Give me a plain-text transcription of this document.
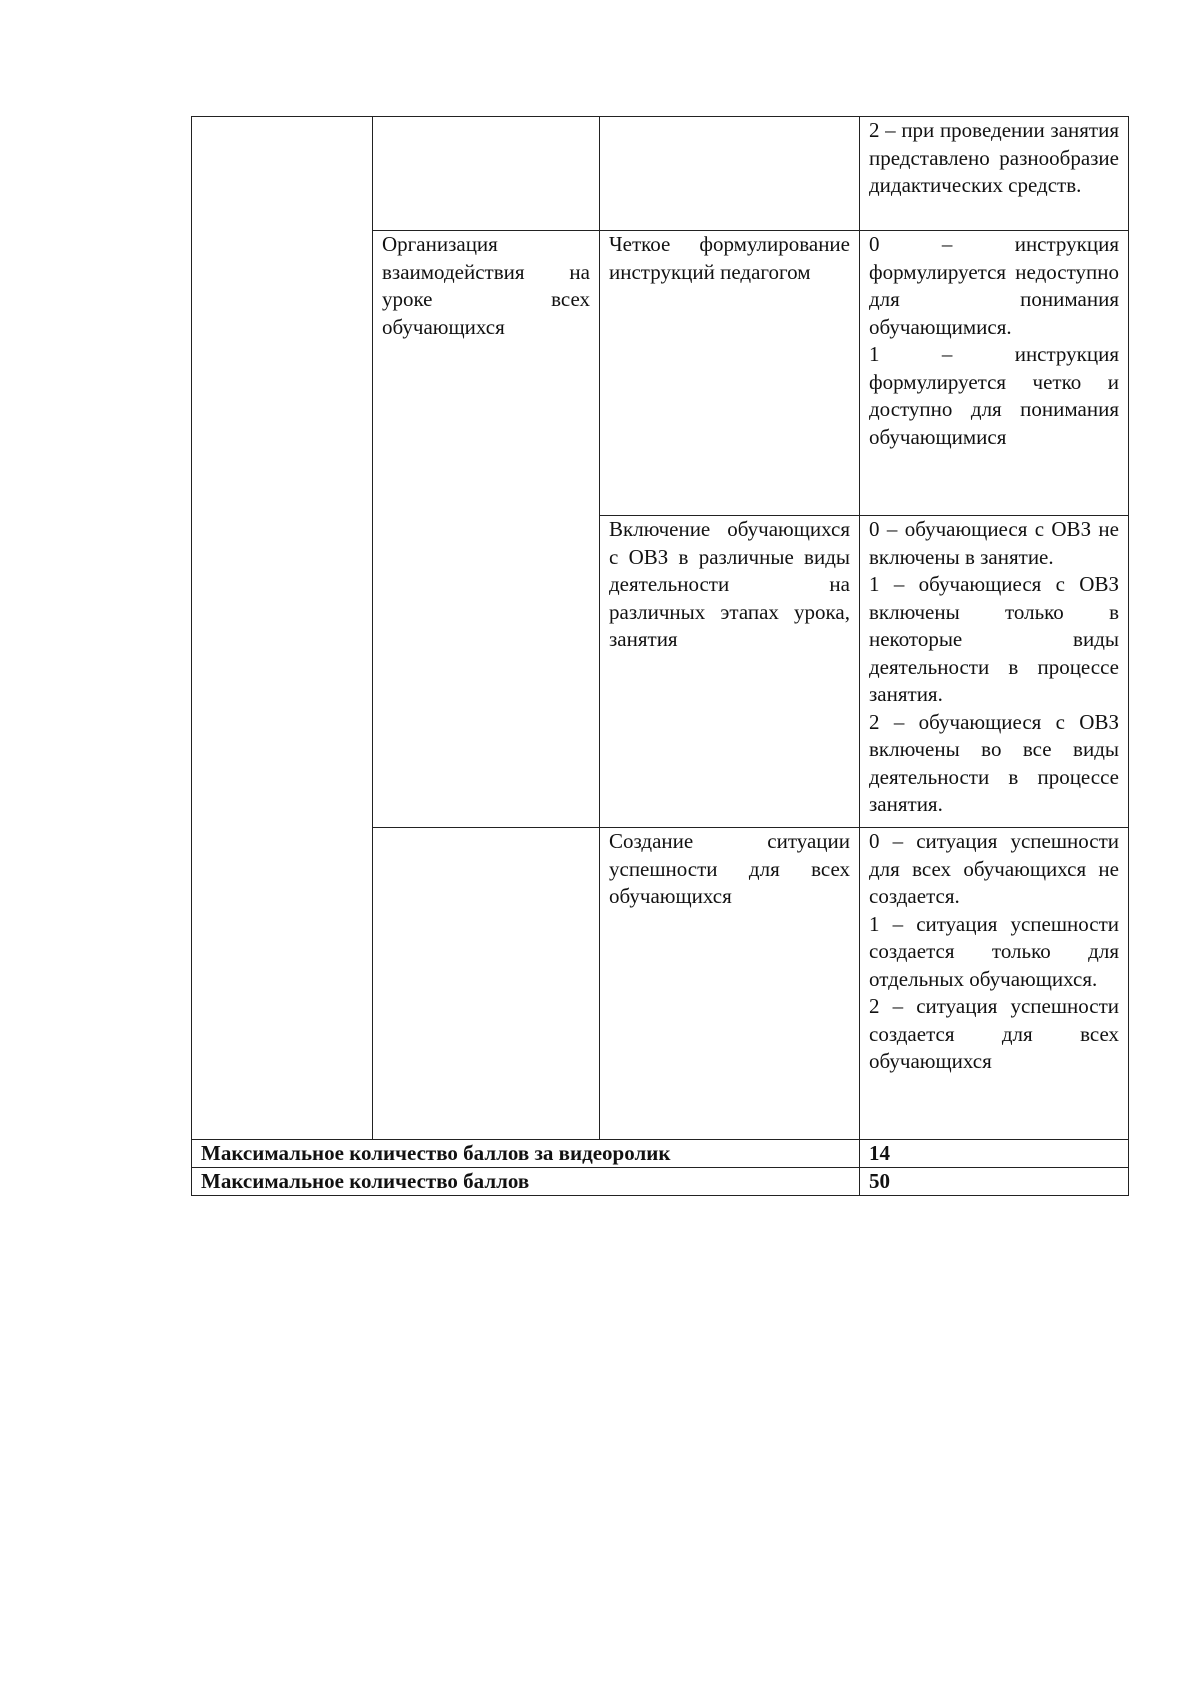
			2 – при проведении занятия представлено разнообразие дидактических средств.

	Организация взаимодействия на уроке всех обучающихся	Четкое формулирование инструкций педагогом	0 – инструкция формулируется недоступно для понимания обучающимися.
1 – инструкция формулируется четко и доступно для понимания обучающимися

		Включение обучающихся с ОВЗ в различные виды деятельности на различных этапах урока, занятия	0 – обучающиеся с ОВЗ не включены в занятие.
1 – обучающиеся с ОВЗ включены только в некоторые виды деятельности в процессе занятия.
2 – обучающиеся с ОВЗ включены во все виды деятельности в процессе занятия.

		Создание ситуации успешности для всех обучающихся	0 – ситуация успешности для всех обучающихся не создается.
1 – ситуация успешности создается только для отдельных обучающихся.
2 – ситуация успешности создается для всех обучающихся

Максимальное количество баллов за видеоролик			14
Максимальное количество баллов			50
